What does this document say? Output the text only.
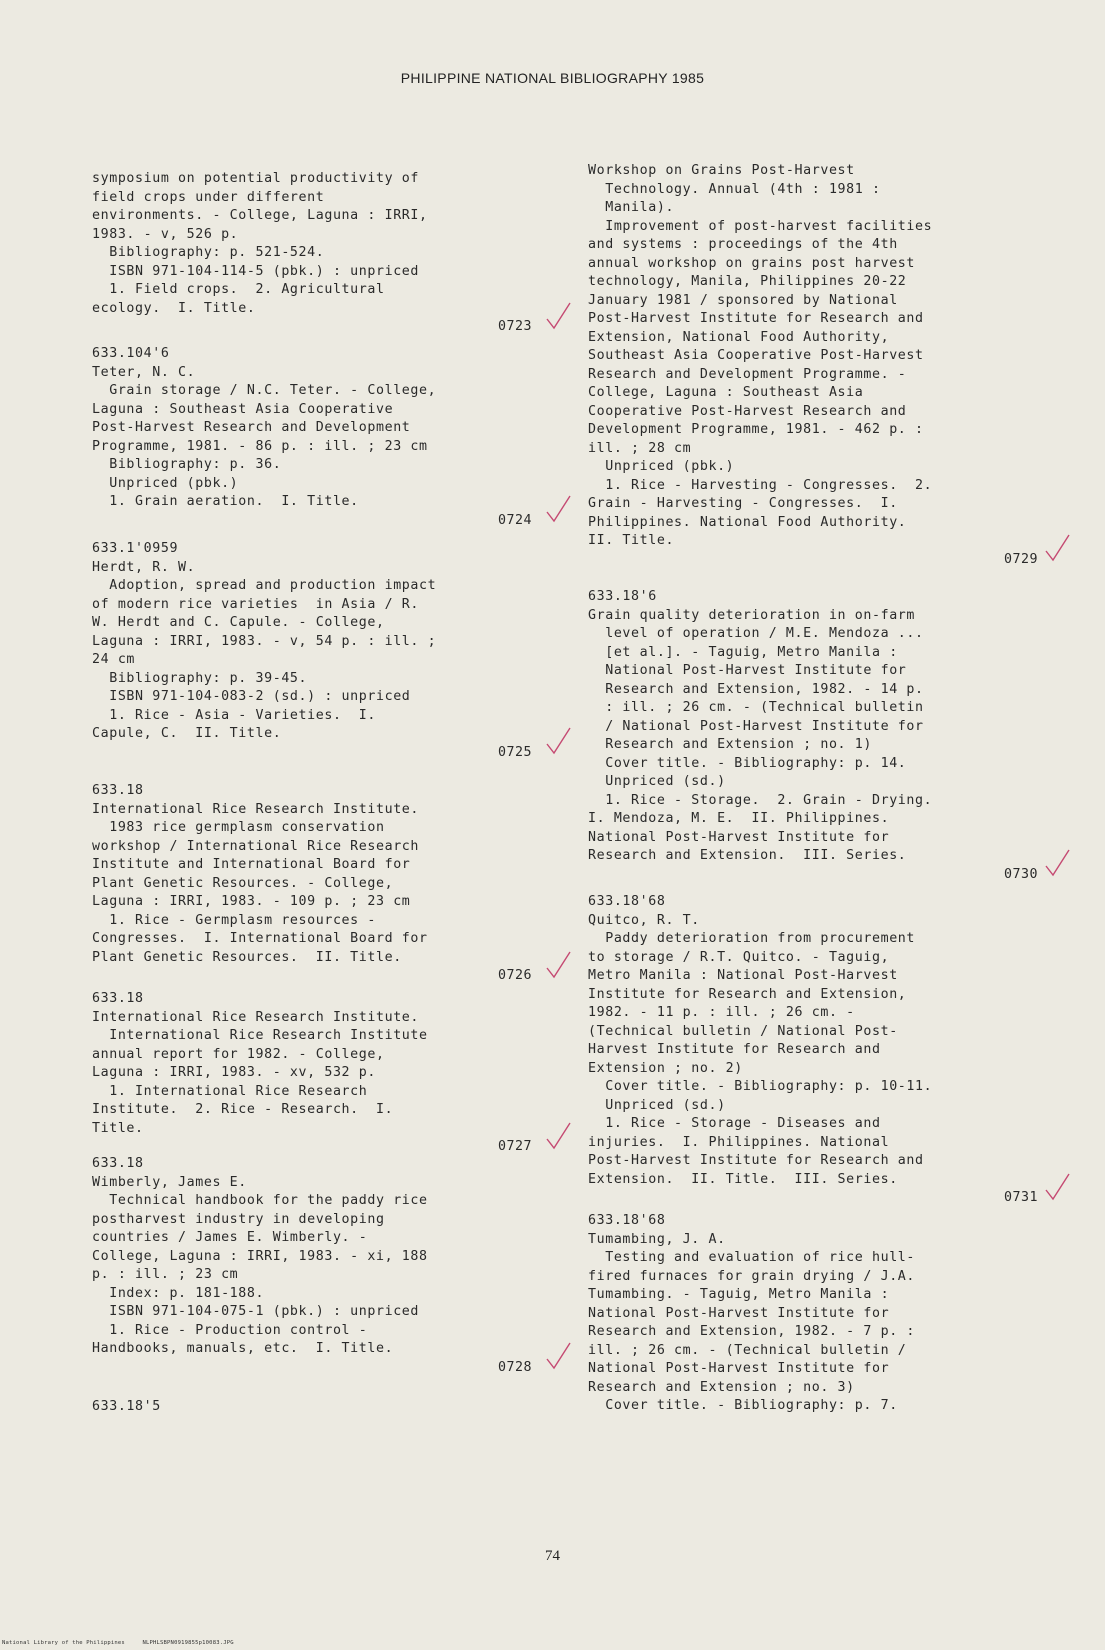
PHILIPPINE NATIONAL BIBLIOGRAPHY 1985
symposium on potential productivity of
field crops under different
environments. - College, Laguna : IRRI,
1983. - v, 526 p.
Bibliography: p. 521-524.
ISBN 971-104-114-5 (pbk.) : unpriced
1. Field crops.  2. Agricultural
ecology.  I. Title.
0723
633.104'6
Teter, N. C.
Grain storage / N.C. Teter. - College,
Laguna : Southeast Asia Cooperative
Post-Harvest Research and Development
Programme, 1981. - 86 p. : ill. ; 23 cm
Bibliography: p. 36.
Unpriced (pbk.)
1. Grain aeration.  I. Title.
0724
633.1'0959
Herdt, R. W.
Adoption, spread and production impact
of modern rice varieties  in Asia / R.
W. Herdt and C. Capule. - College,
Laguna : IRRI, 1983. - v, 54 p. : ill. ;
24 cm
Bibliography: p. 39-45.
ISBN 971-104-083-2 (sd.) : unpriced
1. Rice - Asia - Varieties.  I.
Capule, C.  II. Title.
0725
633.18
International Rice Research Institute.
1983 rice germplasm conservation
workshop / International Rice Research
Institute and International Board for
Plant Genetic Resources. - College,
Laguna : IRRI, 1983. - 109 p. ; 23 cm
1. Rice - Germplasm resources -
Congresses.  I. International Board for
Plant Genetic Resources.  II. Title.
0726
633.18
International Rice Research Institute.
International Rice Research Institute
annual report for 1982. - College,
Laguna : IRRI, 1983. - xv, 532 p.
1. International Rice Research
Institute.  2. Rice - Research.  I.
Title.
0727
633.18
Wimberly, James E.
Technical handbook for the paddy rice
postharvest industry in developing
countries / James E. Wimberly. -
College, Laguna : IRRI, 1983. - xi, 188
p. : ill. ; 23 cm
Index: p. 181-188.
ISBN 971-104-075-1 (pbk.) : unpriced
1. Rice - Production control -
Handbooks, manuals, etc.  I. Title.
0728
633.18'5
Workshop on Grains Post-Harvest
Technology. Annual (4th : 1981 :
Manila).
Improvement of post-harvest facilities
and systems : proceedings of the 4th
annual workshop on grains post harvest
technology, Manila, Philippines 20-22
January 1981 / sponsored by National
Post-Harvest Institute for Research and
Extension, National Food Authority,
Southeast Asia Cooperative Post-Harvest
Research and Development Programme. -
College, Laguna : Southeast Asia
Cooperative Post-Harvest Research and
Development Programme, 1981. - 462 p. :
ill. ; 28 cm
Unpriced (pbk.)
1. Rice - Harvesting - Congresses.  2.
Grain - Harvesting - Congresses.  I.
Philippines. National Food Authority.
II. Title.
0729
633.18'6
Grain quality deterioration in on-farm
level of operation / M.E. Mendoza ...
[et al.]. - Taguig, Metro Manila :
National Post-Harvest Institute for
Research and Extension, 1982. - 14 p.
: ill. ; 26 cm. - (Technical bulletin
/ National Post-Harvest Institute for
Research and Extension ; no. 1)
Cover title. - Bibliography: p. 14.
Unpriced (sd.)
1. Rice - Storage.  2. Grain - Drying.
I. Mendoza, M. E.  II. Philippines.
National Post-Harvest Institute for
Research and Extension.  III. Series.
0730
633.18'68
Quitco, R. T.
Paddy deterioration from procurement
to storage / R.T. Quitco. - Taguig,
Metro Manila : National Post-Harvest
Institute for Research and Extension,
1982. - 11 p. : ill. ; 26 cm. -
(Technical bulletin / National Post-
Harvest Institute for Research and
Extension ; no. 2)
Cover title. - Bibliography: p. 10-11.
Unpriced (sd.)
1. Rice - Storage - Diseases and
injuries.  I. Philippines. National
Post-Harvest Institute for Research and
Extension.  II. Title.  III. Series.
0731
633.18'68
Tumambing, J. A.
Testing and evaluation of rice hull-
fired furnaces for grain drying / J.A.
Tumambing. - Taguig, Metro Manila :
National Post-Harvest Institute for
Research and Extension, 1982. - 7 p. :
ill. ; 26 cm. - (Technical bulletin /
National Post-Harvest Institute for
Research and Extension ; no. 3)
Cover title. - Bibliography: p. 7.
74
National Library of the Philippines	NLPHLSBPN0919855p10083.JPG
